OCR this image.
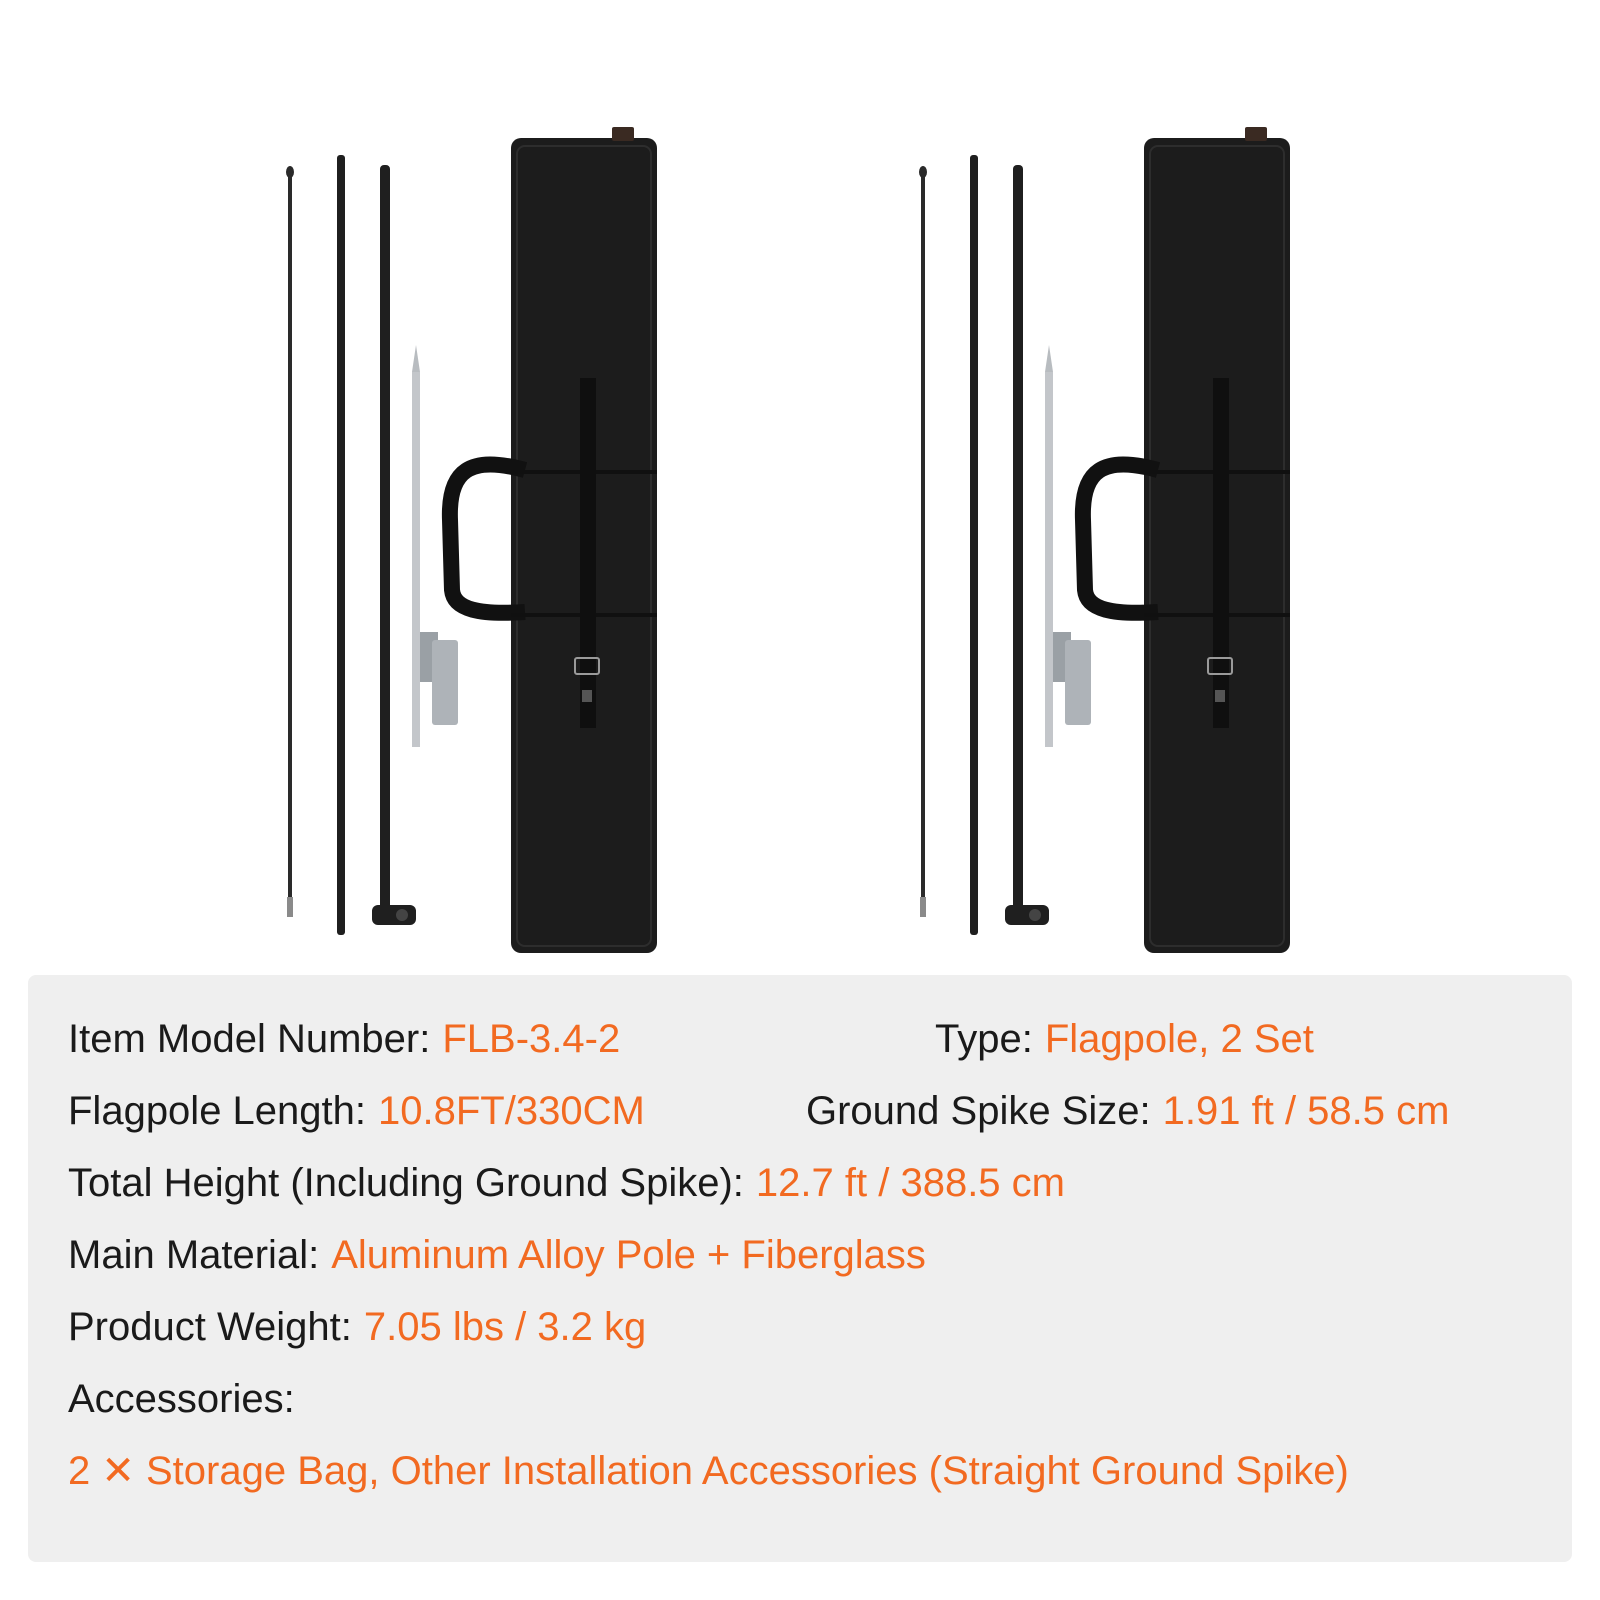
Item Model Number: FLB-3.4-2	Type: Flagpole, 2 Set
Flagpole Length: 10.8FT/330CM	Ground Spike Size: 1.91 ft / 58.5 cm
Total Height (Including Ground Spike): 12.7 ft / 388.5 cm
Main Material: Aluminum Alloy Pole + Fiberglass
Product Weight: 7.05 lbs / 3.2 kg
Accessories:
2 ✕ Storage Bag, Other Installation Accessories (Straight Ground Spike)
